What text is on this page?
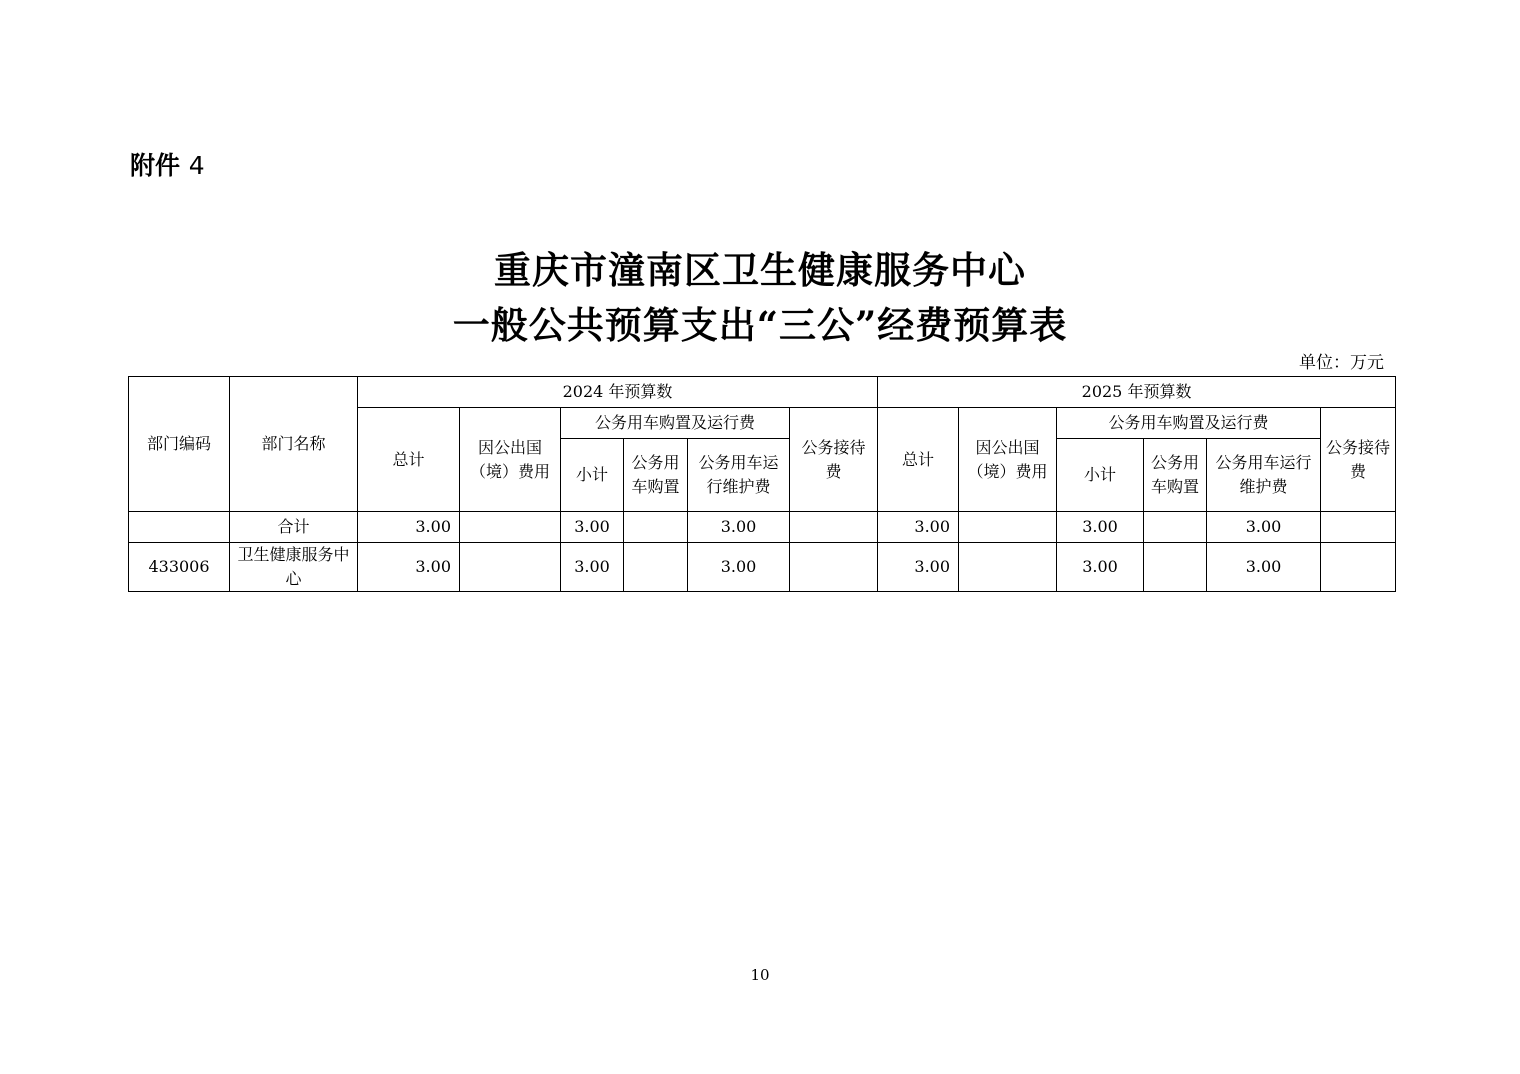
附件 4
重庆市潼南区卫生健康服务中心
一般公共预算支出“三公”经费预算表
单位：万元
部门编码	部门名称	2024 年预算数						2025 年预算数					
		总计	因公出国（境）费用	公务用车购置及运行费			公务接待费	总计	因公出国（境）费用	公务用车购置及运行费			公务接待费
				小计	公务用车购置	公务用车运行维护费				小计	公务用车购置	公务用车运行维护费	
	合计	3.00		3.00		3.00		3.00		3.00		3.00	
433006	卫生健康服务中心	3.00		3.00		3.00		3.00		3.00		3.00	
10
